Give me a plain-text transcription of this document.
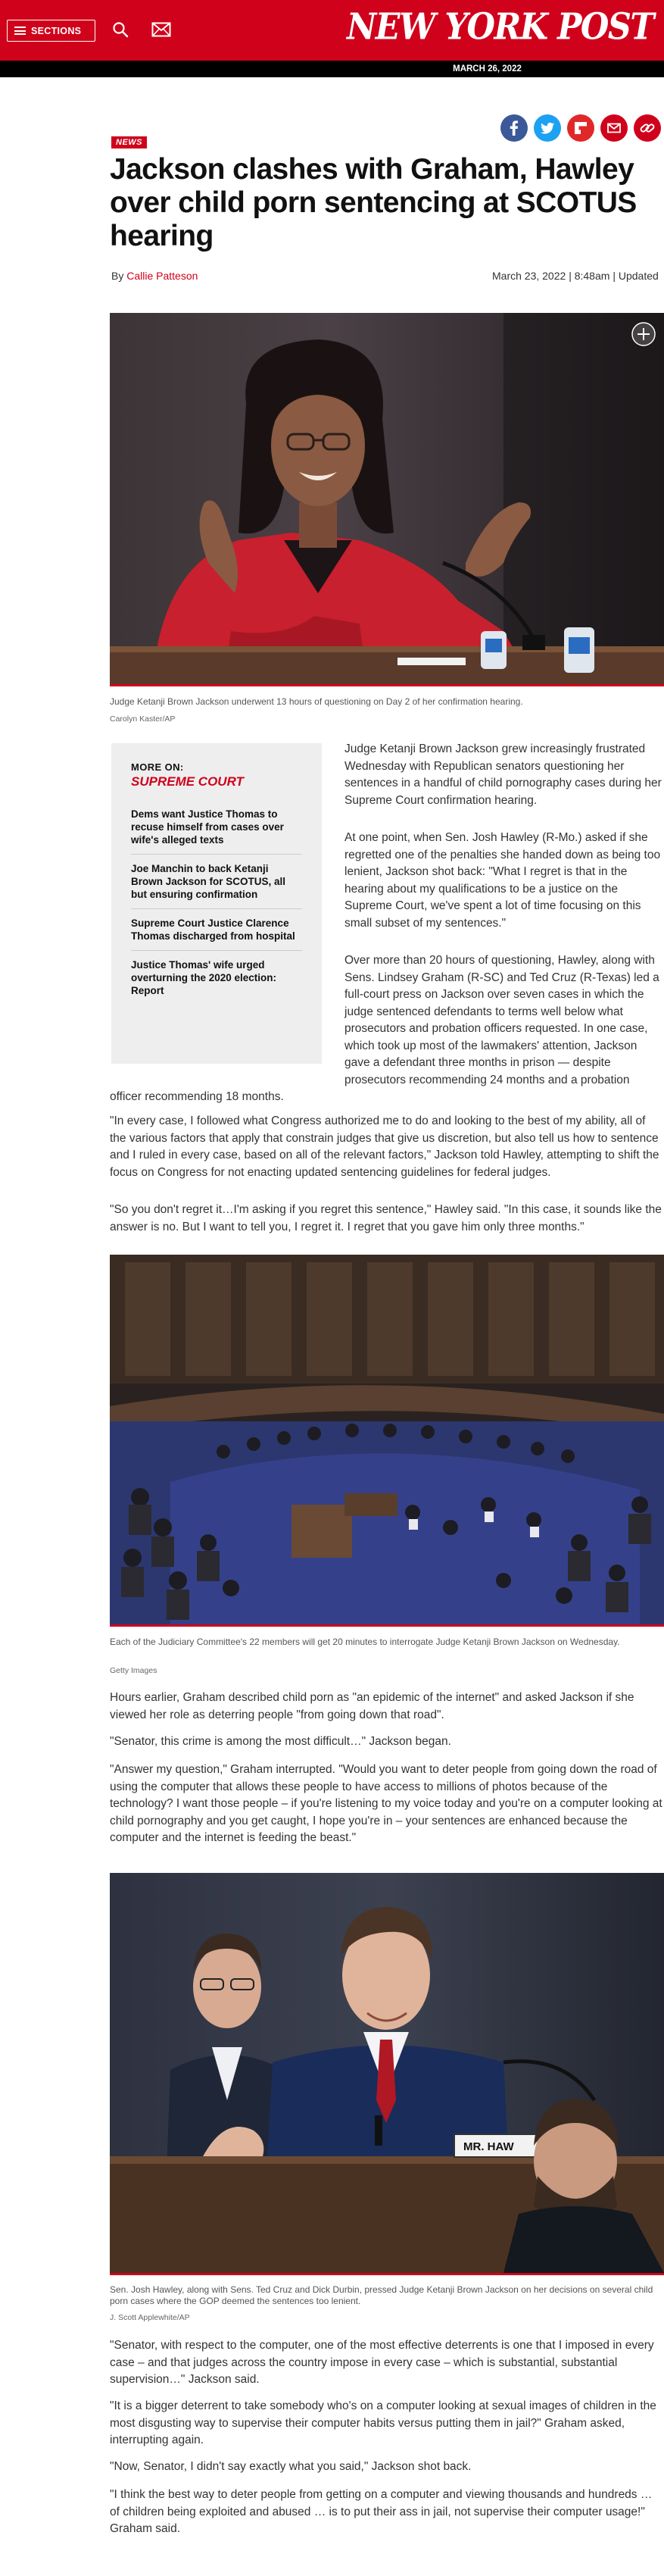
SECTIONS	NEW YORK POST
MARCH 26, 2022
NEWS
Jackson clashes with Graham, Hawley over child porn sentencing at SCOTUS hearing
By Callie Patteson	March 23, 2022 | 8:48am | Updated
Judge Ketanji Brown Jackson underwent 13 hours of questioning on Day 2 of her confirmation hearing.
Carolyn Kaster/AP
MORE ON:
SUPREME COURT
Dems want Justice Thomas to recuse himself from cases over wife's alleged texts
Joe Manchin to back Ketanji Brown Jackson for SCOTUS, all but ensuring confirmation
Supreme Court Justice Clarence Thomas discharged from hospital
Justice Thomas' wife urged overturning the 2020 election: Report

Judge Ketanji Brown Jackson grew increasingly frustrated Wednesday with Republican senators questioning her sentences in a handful of child pornography cases during her Supreme Court confirmation hearing.

At one point, when Sen. Josh Hawley (R-Mo.) asked if she regretted one of the penalties she handed down as being too lenient, Jackson shot back: "What I regret is that in the hearing about my qualifications to be a justice on the Supreme Court, we've spent a lot of time focusing on this small subset of my sentences."

Over more than 20 hours of questioning, Hawley, along with Sens. Lindsey Graham (R-SC) and Ted Cruz (R-Texas) led a full-court press on Jackson over seven cases in which the judge sentenced defendants to terms well below what prosecutors and probation officers requested. In one case, which took up most of the lawmakers' attention, Jackson gave a defendant three months in prison — despite prosecutors recommending 24 months and a probation officer recommending 18 months.

"In every case, I followed what Congress authorized me to do and looking to the best of my ability, all of the various factors that apply that constrain judges that give us discretion, but also tell us how to sentence and I ruled in every case, based on all of the relevant factors," Jackson told Hawley, attempting to shift the focus on Congress for not enacting updated sentencing guidelines for federal judges.

"So you don't regret it…I'm asking if you regret this sentence," Hawley said. "In this case, it sounds like the answer is no. But I want to tell you, I regret it. I regret that you gave him only three months."

Each of the Judiciary Committee's 22 members will get 20 minutes to interrogate Judge Ketanji Brown Jackson on Wednesday.
Getty Images

Hours earlier, Graham described child porn as "an epidemic of the internet" and asked Jackson if she viewed her role as deterring people "from going down that road".

"Senator, this crime is among the most difficult…" Jackson began.

"Answer my question," Graham interrupted. "Would you want to deter people from going down the road of using the computer that allows these people to have access to millions of photos because of the technology? I want those people – if you're listening to my voice today and you're on a computer looking at child pornography and you get caught, I hope you're in – your sentences are enhanced because the computer and the internet is feeding the beast."

MR. HAW
Sen. Josh Hawley, along with Sens. Ted Cruz and Dick Durbin, pressed Judge Ketanji Brown Jackson on her decisions on several child porn cases where the GOP deemed the sentences too lenient.
J. Scott Applewhite/AP

"Senator, with respect to the computer, one of the most effective deterrents is one that I imposed in every case – and that judges across the country impose in every case – which is substantial, substantial supervision…" Jackson said.

"It is a bigger deterrent to take somebody who's on a computer looking at sexual images of children in the most disgusting way to supervise their computer habits versus putting them in jail?" Graham asked, interrupting again.

"Now, Senator, I didn't say exactly what you said," Jackson shot back.

"I think the best way to deter people from getting on a computer and viewing thousands and hundreds … of children being exploited and abused … is to put their ass in jail, not supervise their computer usage!" Graham said.
